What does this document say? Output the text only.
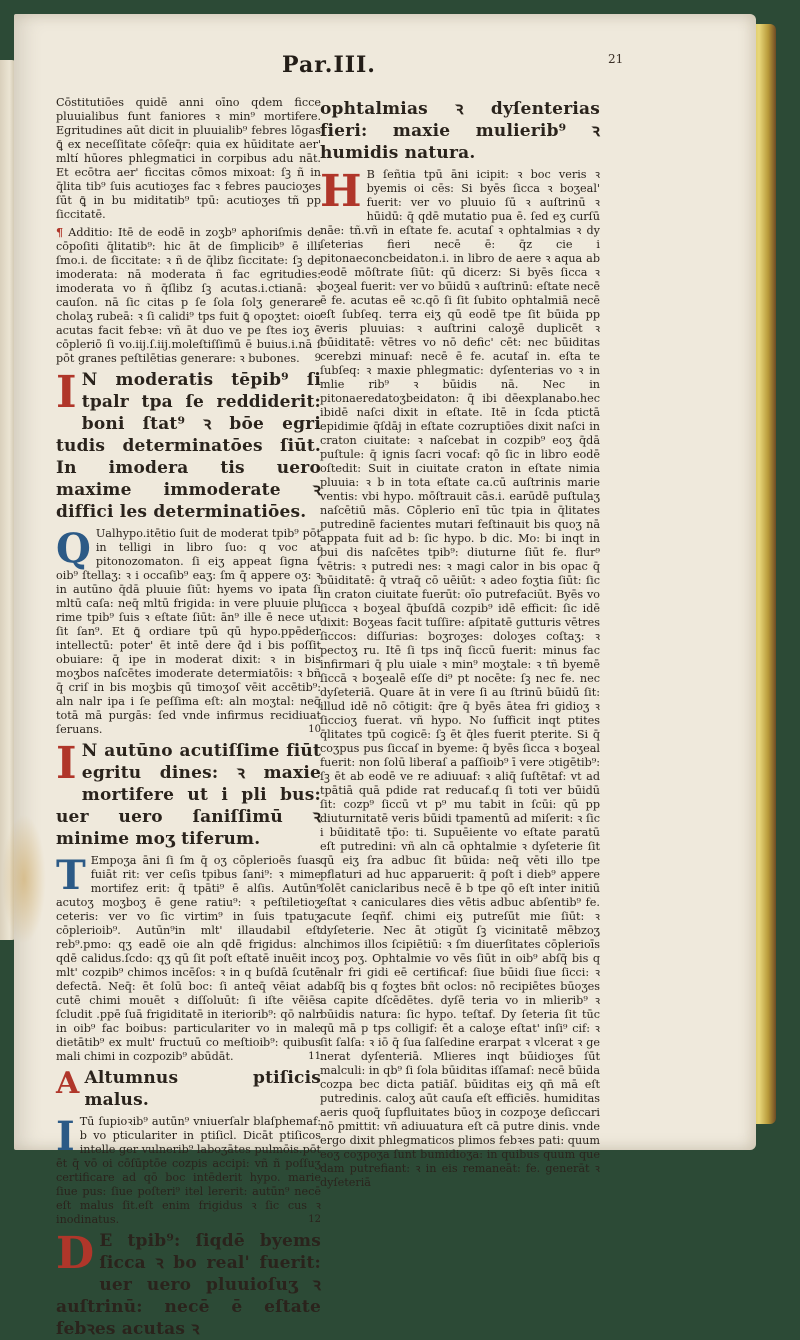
Par.III.	21

Cōstitutiōes quidē anni oīno qdem ficce pluuialibus funt faniores ꝛ min⁹ mortifere. Egritudines aūt dicit in pluuialib⁹ febres lōgas ꝗ̄ ex neceſſitate cōſeq̄r: quia ex hūiditate aer' mltí hūores phlegmatici in corpibus adu nāt. Et ecōtra aer' ficcitas cōmos mixoat: ſꝫ ñ in q̄lita tib⁹ ſuis acutioʒes fac ꝛ febres paucioʒes ſūt ꝗ̄ in bu miditatib⁹ tpū: acutioʒes tñ pp ſiccitatē.

¶ Additio: Itē de eodē in zoʒb⁹ aphoriſmis de cōpoſiti q̄litatib⁹: hic āt de ſimplicib⁹ ē illi ſmo.i. de ſiccitate: ꝛ ñ de q̄libz ſiccitate: ſꝫ de imoderata: nā moderata ñ fac egritudies: imoderata vo ñ q̄ſlibz ſꝫ acutas.i.ctianā: ꝛ cauſon. nā ſic citas p ſe ſola ſolʒ generare cholaʒ rubeā: ꝛ ſi calidi⁹ tps fuit ꝗ̄ opoʒtet: oio acutas facit febꝛe: vñ āt duo ve pe ſtes ioʒ ē cōpleriō ſi vo.iij.ſ.iij.moleſtiſſimū ē buius.i.nā ſ pōt granes peſtilētias generare: ꝛ bubones. 9

I N moderatis tēpib⁹ ſi tpalr tpa ſe reddiderit: boni ſtat⁹ ꝛ bōe egri tudis determinatōes ſiūt. In imodera tis uero maxime immoderate ꝛ diffici les determinatiōes.

Q Ualhypo.itētio ſuit de moderat tpib⁹ pōt in telligi in libro ſuo: q voc at pitonozomaton. ſi eiʒ appeat ſigna ſ oib⁹ ſtellaʒ: ꝛ i occaſib⁹ eaʒ: ſm q̄ appere oʒ: ꝛ in autūno q̄dā pluuie ſiūt: hyems vo ipata ſi mltū caſa: neq̄ mltū frigida: in vere pluuie plu rime tpib⁹ ſuis ꝛ eſtate ſiūt: ān⁹ ille ē nece ut ſit ſan⁹. Et ꝗ̄ ordiare tpū qū hypo.ppēder intellectū: poter' ēt intē dere q̄d i bis poſſit obuiare: q̄ ipe in moderat dixit: ꝛ in bis moʒbos naſcētes imoderate determiatōis: ꝛ bñ q̄ criſ in bis moʒbis qū timoʒoſ vēit accētib⁹: aln nalr ipa i ſe peſſima eſt: aln moʒtal: neq̄ totā mā purgās: ſed vnde infirmus recidiuat ſeruans.	10

I N autūno acutiſſime fiūt egritu dines: ꝛ maxie mortifere ut i pli bus: uer uero ſaniſſimū ꝛ minime moʒ tiferum.

T Empoʒa āni ſi ſm q̄ oʒ cōplerioēs ſuas fuiāt rit: ver ceſis tpibus ſani⁹: ꝛ mime mortifez erit: q̄ tpāti⁹ ē alſis. Autūn⁹ acutoʒ moʒboʒ ē gene ratiu⁹: ꝛ peſtiletioʒ ceteris: ver vo ſic virtim⁹ in ſuis tpatuʒ cōplerioib⁹. Autūn⁹in mlt' illaudabil eſt reb⁹.pmo: qʒ eadē oie aln qdē frigidus: aln qdē calidus.ſcdo: qʒ qū ſit poſt eſtatē inuēit in mlt' cozpib⁹ chimos incēſos: ꝛ in q buſdā ſcutē defectā. Neq̄: ēt ſolū boc: ſi anteq̄ vēiat ad cutē chimi mouēt ꝛ diſſoluūt: ſi iſte vēiēs ſcludit .ppē ſuā frigiditatē in iteriorib⁹: qō nalr in oib⁹ fac boibus: particulariter vo in male dietātib⁹ ex mult' fructuū co meſtioib⁹: quibus mali chimi in cozpozib⁹ abūdāt.	11

A Altumnus ptiſicis malus.

I Tū ſupioꝛib⁹ autūn⁹ vniuerſalr blaſphemaf: b vo pticulariter in ptiſicl. Dicāt ptiſicos intelle ger vulnerib⁹ laboʒātes pulmōis.pōt ēt q̄ vō oi cōſūptōe cozpis accipi: vñ ñ poſſuʒ certificare ad qō boc intēderit hypo. marie ſiue pus: ſiue poſteri⁹ itel lererit: autūn⁹ necē eſt malus ſit.eſt enim frigidus ꝛ ſic cus ꝛ inodinatus.	12

D E tpib⁹: ſiqdē byems ſicca ꝛ bo real' fuerit: uer uero pluuioſuʒ ꝛ auſtrinū: necē ē eſtate febꝛes acutas ꝛ

ophtalmias ꝛ dyſenterias fieri: maxie mulierib⁹ ꝛ humidis natura.

H B ſeñtia tpū āni icipit: ꝛ boc veris ꝛ byemis oi cēs: Si byēs ſicca ꝛ boʒeal' fuerit: ver vo pluuio ſū ꝛ auſtrinū ꝛ hūidū: q̄ qdē mutatio pua ē. ſed eʒ curſū nāe: tñ.vñ in eſtate fe. acutaſ ꝛ ophtalmias ꝛ dy ſeterias fieri necē ē: q̄z cie i pitonaeconcbeidaton.i. in libro de aere ꝛ aqua ab eodē mōſtrate ſiūt: qū dicerz: Si byēs ſicca ꝛ boʒeal fuerit: ver vo būidū ꝛ auſtrinū: eſtate necē ē fe. acutas eē ꝛc.qō ſi ſit ſubito ophtalmiā necē eſt ſubſeq. terra eiʒ qū eodē tpe ſit būida pp veris pluuias: ꝛ auſtrini caloʒē duplicēt ꝛ būiditatē: vētres vo nō defic' cēt: nec būiditas cerebzi minuaf: necē ē fe. acutaſ in. eſta te ſubſeq: ꝛ maxie phlegmatic: dyſenterias vo ꝛ in mlie rib⁹ ꝛ būidis nā. Nec in pitonaeredatoʒbeidaton: q̄ ibi dēexplanabo.hec ibidē naſci dixit in eſtate. Itē in ſcda ptictā epidimie q̄ſdāj in eſtate cozruptiōes dixit naſci in craton ciuitate: ꝛ naſcebat in cozpib⁹ eoʒ q̄dā puſtule: q̄ ignis ſacri vocaf: qō ſic in libro eodē oſtedit: Suit in ciuitate craton in eſtate nimia pluuia: ꝛ b in tota eſtate ca.cū auſtrinis marie ventis: vbi hypo. mōſtrauit cās.i. earūdē puſtulaʒ naſcētiū mās. Cōplerio enī tūc tpia in q̄litates putredinē facientes mutari feſtinauit bis quoʒ nā appata fuit ad b: ſic hypo. b dic. Mo: bi inqt in bui dis naſcētes tpib⁹: diuturne ſiūt fe. flur⁹ vētris: ꝛ putredi nes: ꝛ magi calor in bis opac q̄ būiditatē: q̄ vtraq̄ cō uēiūt: ꝛ adeo foʒtia ſiūt: ſic in craton ciuitate fuerūt: oīo putrefaciūt. Byēs vo ſicca ꝛ boʒeal q̄buſdā cozpib⁹ idē efficit: ſic idē dixit: Boʒeas facit tuſſire: aſpitatē gutturis vētres ſiccos: diſſurias: boʒroʒes: doloʒes coſtaʒ: ꝛ pectoʒ ru. Itē ſi tps inq̄ ſiccū fuerit: minus fac infirmari q̄ plu uiale ꝛ min⁹ moʒtale: ꝛ tñ byemē ſiccā ꝛ boʒealē eſſe di⁹ pt nocēte: ſꝫ nec fe. nec dyſeteriā. Quare āt in vere ſi au ſtrinū būidū ſit: illud idē nō cōtigit: q̄re q̄ byēs ātea fri gidioʒ ꝛ ſiccioʒ fuerat. vñ hypo. No ſufficit inqt ptites q̄litates tpū cogicē: ſꝫ ēt q̄les fuerit pterite. Si q̄ coʒpus pus ſiccaſ in byeme: q̄ byēs ſicca ꝛ boʒeal fuerit: non ſolū liberaſ a paſſioib⁹ ī vere ɔtigētib⁹: ſꝫ ēt ab eodē ve re adiuuaf: ꝛ aliq̄ ſuſtētaf: vt ad tpātiā quā pdide rat reducaf.q ſi toti ver būidū ſit: cozp⁹ ſiccū vt p⁹ mu tabit in ſcūi: qū pp diuturnitatē veris būidi tpamentū ad miſerit: ꝛ ſic i būiditatē tp̄o: ti. Supuēiente vo eſtate paratū eſt putredini: vñ aln cā ophtalmie ꝛ dyſeterie ſit qū eiʒ ſra adbuc ſit būida: neq̄ vēti illo tpe pflaturi ad huc apparuerit: q̄ poſt i dieb⁹ appere ſolēt caniclaribus necē ē b tpe qō eſt inter initiū eſtat ꝛ caniculares dies vētis adbuc abſentib⁹ fe. acute ſeqñf. chimi eiʒ putreſūt mie ſiūt: ꝛ dyſeterie. Nec āt ɔtigūt ſꝫ vicinitatē mēbzoʒ chimos illos ſcipiētiū: ꝛ ſm diuerſitates cōplerioīs coʒ poʒ. Ophtalmie vo vēs ſiūt in oib⁹ abſq̄ bis q nalr fri gidi eē certificaf: ſiue būidi ſiue ſicci: ꝛ abſq̄ bis q foʒtes bñt oclos: nō recipiētes būoʒes a capite dſcēdētes. dyſē teria vo in mlierib⁹ ꝛ būidis natura: ſic hypo. teſtaf. Dy ſeteria ſit tūc qū mā p tps colligif: ēt a caloʒe eſtat' inſi⁹ cif: ꝛ ſit ſalſa: ꝛ iō q̄ ſua ſalſedine erarpat ꝛ vlcerat ꝛ ge nerat dyſenteriā. Mlieres inqt būidioʒes ſūt malculi: in qb⁹ ſi ſola būiditas iſſamaſ: necē būida cozpa bec dicta patiāſ. būiditas eiʒ qn̄ mā eſt putredinis. caloʒ aūt cauſa eſt efficiēs. humiditas aeris quoq̄ ſupfluitates būoʒ in cozpoʒe deſiccari nō pmittit: vñ adiuuatura eſt cā putre dinis. vnde ergo dixit phlegmaticos plimos febꝛes pati: quum eoʒ coʒpoʒa ſunt bumidioʒa: in quibus quum que dam putrefiant: ꝛ in eis remaneāt: fe. generāt ꝛ dyſeteriā
